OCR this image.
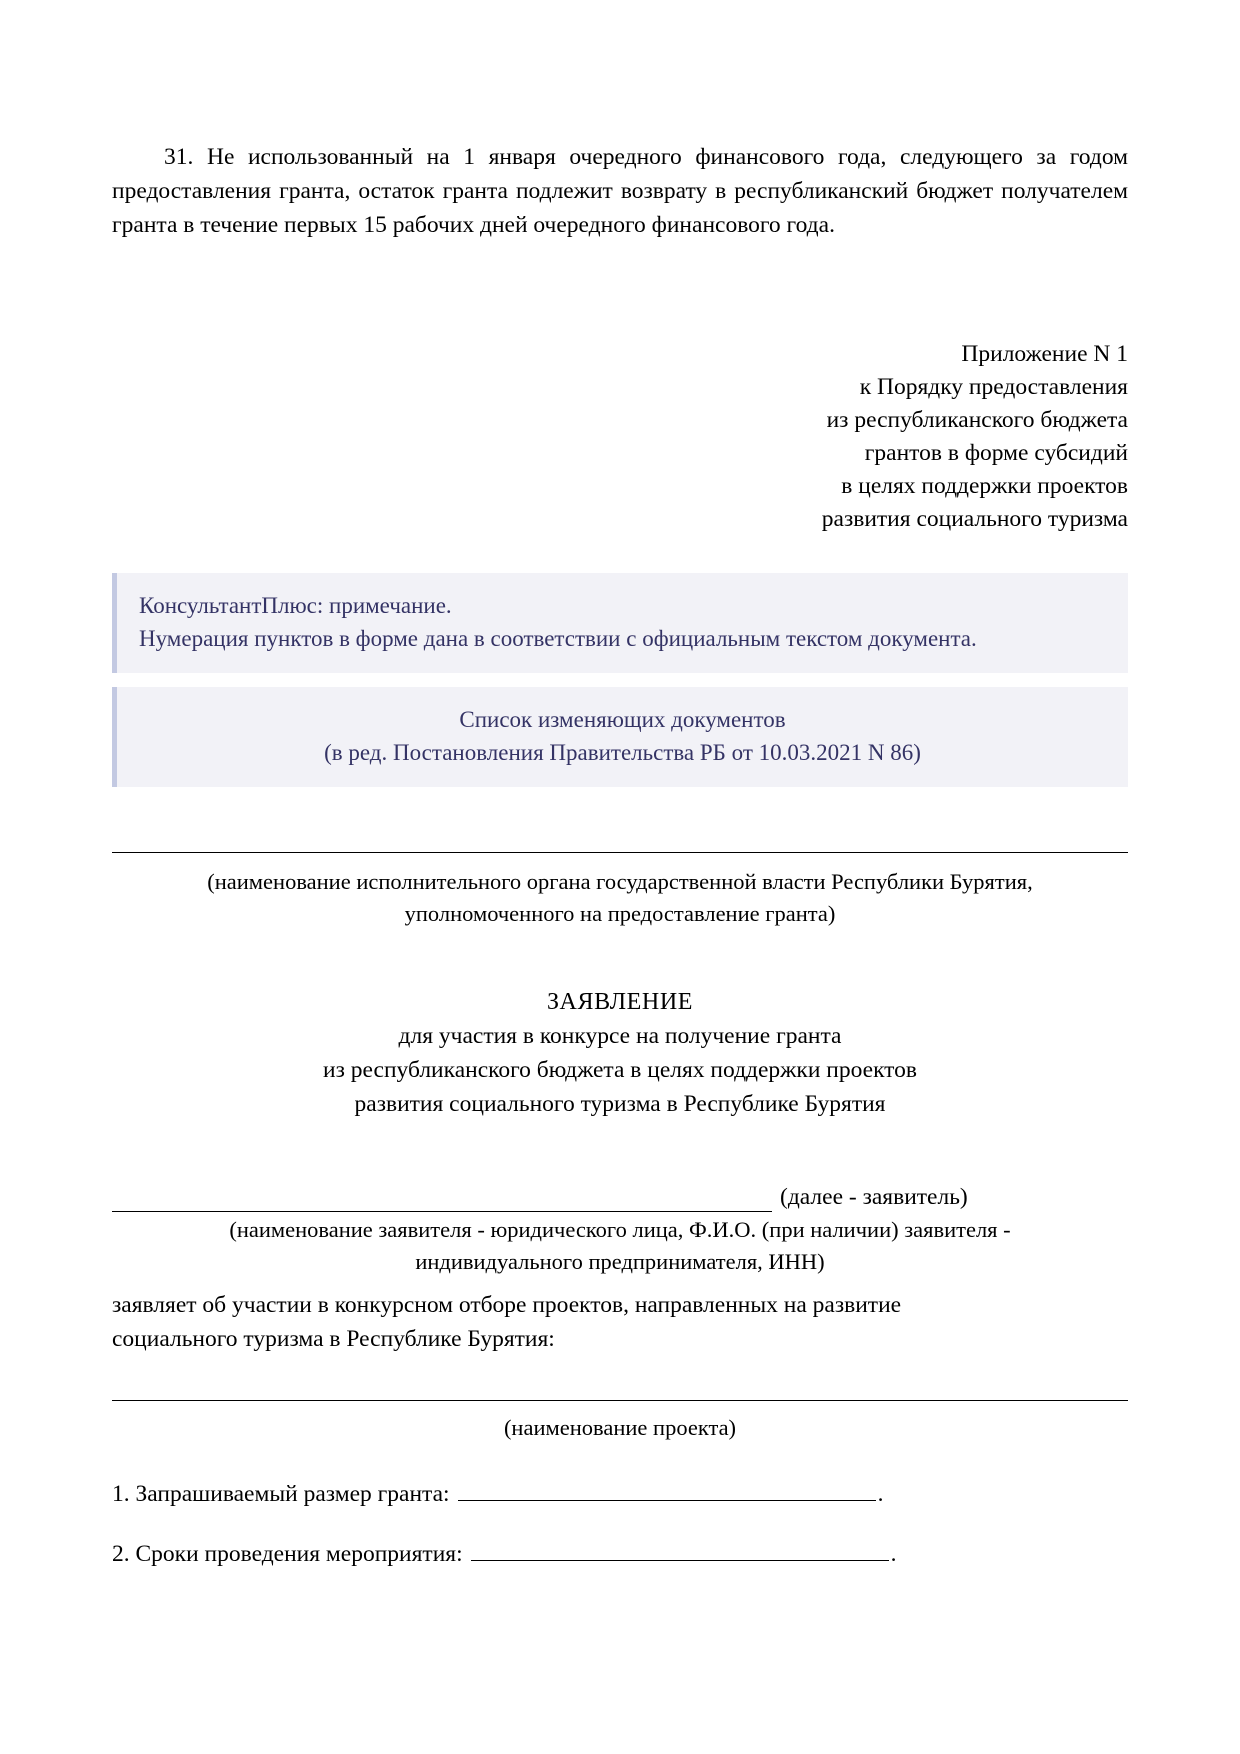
31. Не использованный на 1 января очередного финансового года, следующего за годом предоставления гранта, остаток гранта подлежит возврату в республиканский бюджет получателем гранта в течение первых 15 рабочих дней очередного финансового года.

Приложение N 1
к Порядку предоставления
из республиканского бюджета
грантов в форме субсидий
в целях поддержки проектов
развития социального туризма
КонсультантПлюс: примечание.
Нумерация пунктов в форме дана в соответствии с официальным текстом документа.
Список изменяющих документов
(в ред. Постановления Правительства РБ от 10.03.2021 N 86)
(наименование исполнительного органа государственной власти Республики Бурятия,
уполномоченного на предоставление гранта)
ЗАЯВЛЕНИЕ
для участия в конкурсе на получение гранта
из республиканского бюджета в целях поддержки проектов
развития социального туризма в Республике Бурятия
(далее - заявитель)
(наименование заявителя - юридического лица, Ф.И.О. (при наличии) заявителя -
индивидуального предпринимателя, ИНН)
заявляет об участии в конкурсном отборе проектов, направленных на развитие
социального туризма в Республике Бурятия:
(наименование проекта)
1. Запрашиваемый размер гранта:	.
2. Сроки проведения мероприятия:	.
